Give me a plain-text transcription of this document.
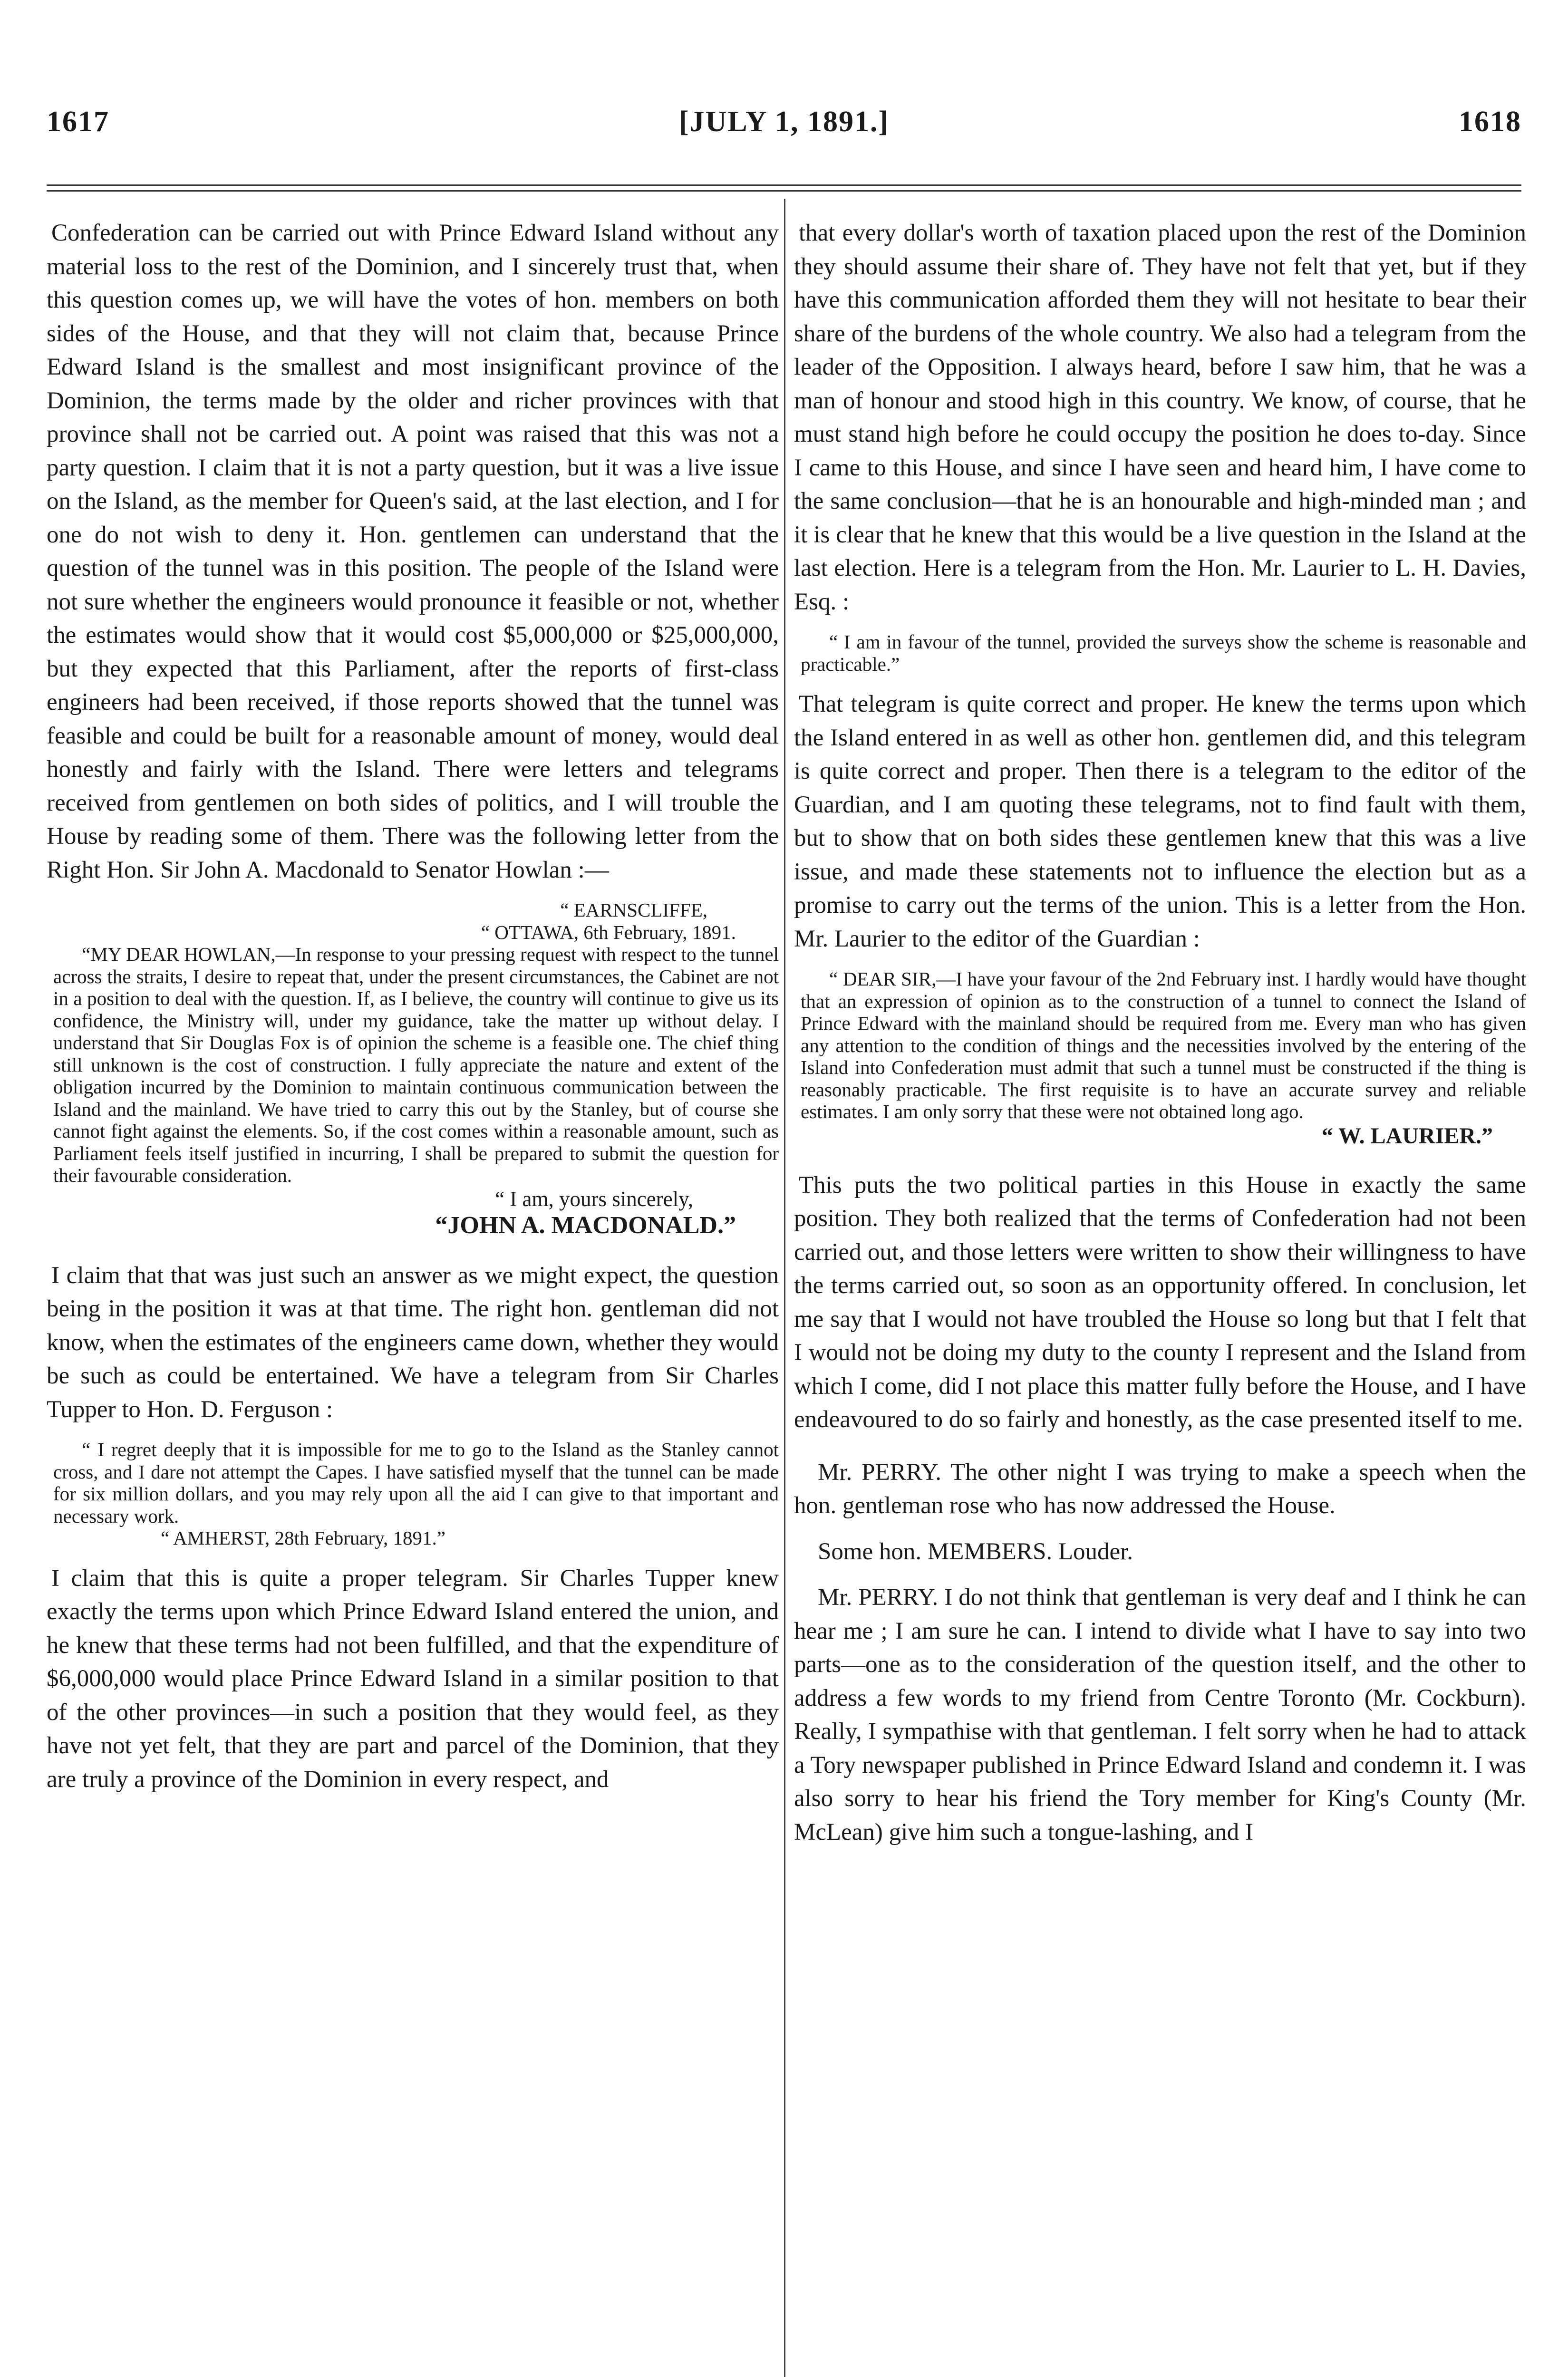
1617	[JULY 1, 1891.]	1618

Confederation can be carried out with Prince Edward Island without any material loss to the rest of the Dominion, and I sincerely trust that, when this question comes up, we will have the votes of hon. members on both sides of the House, and that they will not claim that, because Prince Edward Island is the smallest and most insignificant province of the Dominion, the terms made by the older and richer provinces with that province shall not be carried out. A point was raised that this was not a party question. I claim that it is not a party question, but it was a live issue on the Island, as the member for Queen's said, at the last election, and I for one do not wish to deny it. Hon. gentlemen can understand that the question of the tunnel was in this position. The people of the Island were not sure whether the engineers would pronounce it feasible or not, whether the estimates would show that it would cost $5,000,000 or $25,000,000, but they expected that this Parliament, after the reports of first-class engineers had been received, if those reports showed that the tunnel was feasible and could be built for a reasonable amount of money, would deal honestly and fairly with the Island. There were letters and telegrams received from gentlemen on both sides of politics, and I will trouble the House by reading some of them. There was the following letter from the Right Hon. Sir John A. Macdonald to Senator Howlan :—

“ EARNSCLIFFE,

“ OTTAWA, 6th February, 1891.

“MY DEAR HOWLAN,—In response to your pressing request with respect to the tunnel across the straits, I desire to repeat that, under the present circumstances, the Cabinet are not in a position to deal with the question. If, as I believe, the country will continue to give us its confidence, the Ministry will, under my guidance, take the matter up without delay. I understand that Sir Douglas Fox is of opinion the scheme is a feasible one. The chief thing still unknown is the cost of construction. I fully appreciate the nature and extent of the obligation incurred by the Dominion to maintain continuous communication between the Island and the mainland. We have tried to carry this out by the Stanley, but of course she cannot fight against the elements. So, if the cost comes within a reasonable amount, such as Parliament feels itself justified in incurring, I shall be prepared to submit the question for their favourable consideration.

“ I am, yours sincerely,

“JOHN A. MACDONALD.”

I claim that that was just such an answer as we might expect, the question being in the position it was at that time. The right hon. gentleman did not know, when the estimates of the engineers came down, whether they would be such as could be entertained. We have a telegram from Sir Charles Tupper to Hon. D. Ferguson :

“ I regret deeply that it is impossible for me to go to the Island as the Stanley cannot cross, and I dare not attempt the Capes. I have satisfied myself that the tunnel can be made for six million dollars, and you may rely upon all the aid I can give to that important and necessary work.

“ AMHERST, 28th February, 1891.”

I claim that this is quite a proper telegram. Sir Charles Tupper knew exactly the terms upon which Prince Edward Island entered the union, and he knew that these terms had not been fulfilled, and that the expenditure of $6,000,000 would place Prince Edward Island in a similar position to that of the other provinces—in such a position that they would feel, as they have not yet felt, that they are part and parcel of the Dominion, that they are truly a province of the Dominion in every respect, and

that every dollar's worth of taxation placed upon the rest of the Dominion they should assume their share of. They have not felt that yet, but if they have this communication afforded them they will not hesitate to bear their share of the burdens of the whole country. We also had a telegram from the leader of the Opposition. I always heard, before I saw him, that he was a man of honour and stood high in this country. We know, of course, that he must stand high before he could occupy the position he does to-day. Since I came to this House, and since I have seen and heard him, I have come to the same conclusion—that he is an honourable and high-minded man ; and it is clear that he knew that this would be a live question in the Island at the last election. Here is a telegram from the Hon. Mr. Laurier to L. H. Davies, Esq. :

“ I am in favour of the tunnel, provided the surveys show the scheme is reasonable and practicable.”

That telegram is quite correct and proper. He knew the terms upon which the Island entered in as well as other hon. gentlemen did, and this telegram is quite correct and proper. Then there is a telegram to the editor of the Guardian, and I am quoting these telegrams, not to find fault with them, but to show that on both sides these gentlemen knew that this was a live issue, and made these statements not to influence the election but as a promise to carry out the terms of the union. This is a letter from the Hon. Mr. Laurier to the editor of the Guardian :

“ DEAR SIR,—I have your favour of the 2nd February inst. I hardly would have thought that an expression of opinion as to the construction of a tunnel to connect the Island of Prince Edward with the mainland should be required from me. Every man who has given any attention to the condition of things and the necessities involved by the entering of the Island into Confederation must admit that such a tunnel must be constructed if the thing is reasonably practicable. The first requisite is to have an accurate survey and reliable estimates. I am only sorry that these were not obtained long ago.

“ W. LAURIER.”

This puts the two political parties in this House in exactly the same position. They both realized that the terms of Confederation had not been carried out, and those letters were written to show their willingness to have the terms carried out, so soon as an opportunity offered. In conclusion, let me say that I would not have troubled the House so long but that I felt that I would not be doing my duty to the county I represent and the Island from which I come, did I not place this matter fully before the House, and I have endeavoured to do so fairly and honestly, as the case presented itself to me.

Mr. PERRY. The other night I was trying to make a speech when the hon. gentleman rose who has now addressed the House.

Some hon. MEMBERS. Louder.

Mr. PERRY. I do not think that gentleman is very deaf and I think he can hear me ; I am sure he can. I intend to divide what I have to say into two parts—one as to the consideration of the question itself, and the other to address a few words to my friend from Centre Toronto (Mr. Cockburn). Really, I sympathise with that gentleman. I felt sorry when he had to attack a Tory newspaper published in Prince Edward Island and condemn it. I was also sorry to hear his friend the Tory member for King's County (Mr. McLean) give him such a tongue-lashing, and I
